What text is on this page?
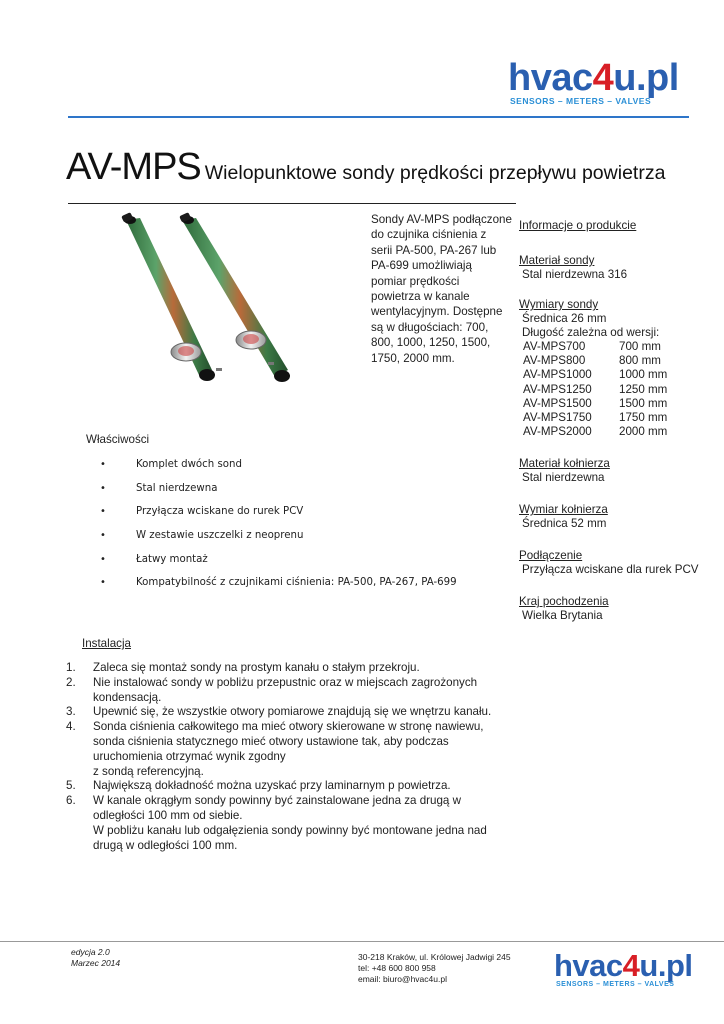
hvac4u.pl
SENSORS – METERS – VALVES
AV-MPS Wielopunktowe sondy prędkości przepływu powietrza
Sondy AV-MPS podłączone
do czujnika ciśnienia z
serii PA-500, PA-267 lub
PA-699 umożliwiają
pomiar prędkości
powietrza w kanale
wentylacyjnym. Dostępne
są w długościach: 700,
800, 1000, 1250, 1500,
1750, 2000 mm.
Informacje o produkcie
Materiał sondy
Stal nierdzewna 316
Wymiary sondy
Średnica 26 mm
Długość zależna od wersji:
AV-MPS700	700 mm
AV-MPS800	800 mm
AV-MPS1000	1000 mm
AV-MPS1250	1250 mm
AV-MPS1500	1500 mm
AV-MPS1750	1750 mm
AV-MPS2000	2000 mm
Materiał kołnierza
Stal nierdzewna
Wymiar kołnierza
Średnica 52 mm
Podłączenie
Przyłącza wciskane dla rurek PCV
Kraj pochodzenia
Wielka Brytania
Właściwości
•	Komplet dwóch sond
•	Stal nierdzewna
•	Przyłącza wciskane do rurek PCV
•	W zestawie uszczelki z neoprenu
•	Łatwy montaż
•	Kompatybilność z czujnikami ciśnienia: PA-500, PA-267, PA-699
Instalacja
1.	Zaleca się montaż sondy na prostym kanału o stałym przekroju.
2.	Nie instalować sondy w pobliżu przepustnic oraz w miejscach zagrożonych
kondensacją.
3.	Upewnić się, że wszystkie otwory pomiarowe znajdują się we wnętrzu kanału.
4.	Sonda ciśnienia całkowitego ma mieć otwory skierowane w stronę nawiewu,
sonda ciśnienia statycznego mieć otwory ustawione tak, aby podczas
uruchomienia otrzymać wynik zgodny
z sondą referencyjną.
5.	Największą dokładność można uzyskać przy laminarnym p powietrza.
6.	W kanale okrągłym sondy powinny być zainstalowane jedna za drugą w
odległości 100 mm od siebie.
W pobliżu kanału lub odgałęzienia sondy powinny być montowane jedna nad
drugą w odległości 100 mm.
edycja 2.0
Marzec 2014
30-218 Kraków, ul. Królowej Jadwigi 245
tel: +48 600 800 958
email: biuro@hvac4u.pl	hvac4u.pl
SENSORS – METERS – VALVES
